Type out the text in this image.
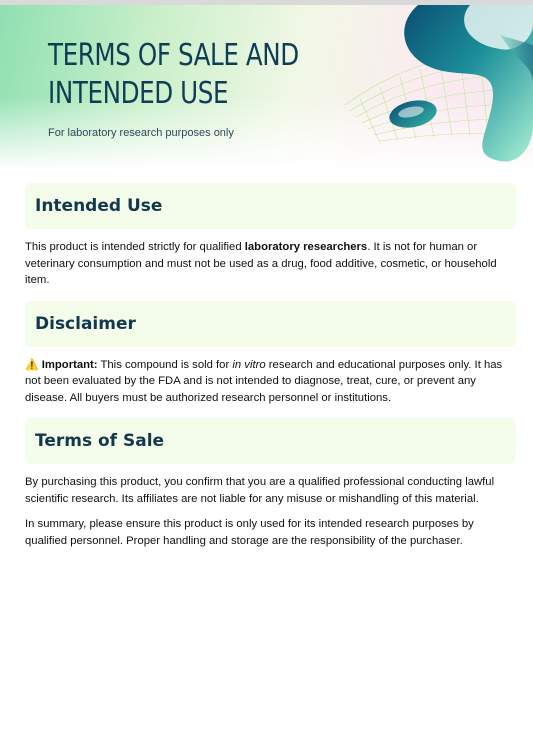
TERMS OF SALE AND INTENDED USE

For laboratory research purposes only

Intended Use

This product is intended strictly for qualified laboratory researchers. It is not for human or veterinary consumption and must not be used as a drug, food additive, cosmetic, or household item.

Disclaimer

⚠️ Important: This compound is sold for in vitro research and educational purposes only. It has not been evaluated by the FDA and is not intended to diagnose, treat, cure, or prevent any disease. All buyers must be authorized research personnel or institutions.

Terms of Sale

By purchasing this product, you confirm that you are a qualified professional conducting lawful scientific research. Its affiliates are not liable for any misuse or mishandling of this material.

In summary, please ensure this product is only used for its intended research purposes by qualified personnel. Proper handling and storage are the responsibility of the purchaser.
